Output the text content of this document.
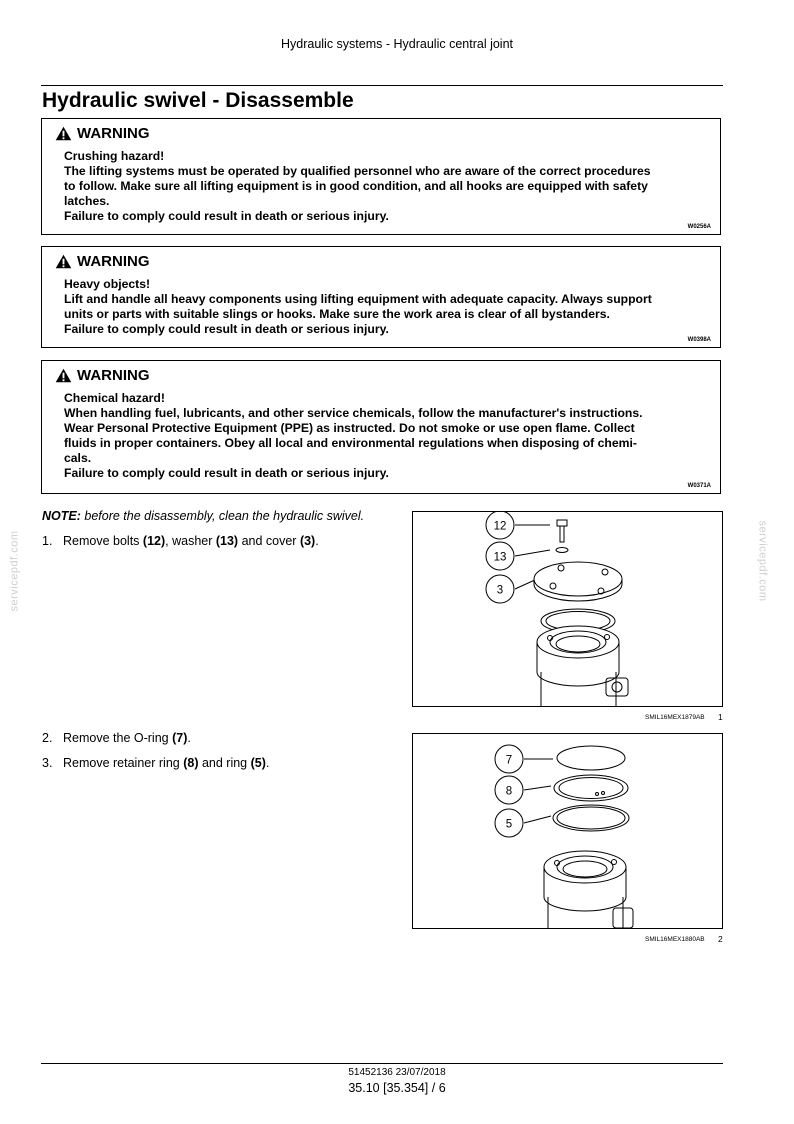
Hydraulic systems - Hydraulic central joint
Hydraulic swivel - Disassemble
WARNING

Crushing hazard!

The lifting systems must be operated by qualified personnel who are aware of the correct procedures

to follow. Make sure all lifting equipment is in good condition, and all hooks are equipped with safety

latches.

Failure to comply could result in death or serious injury.

W0256A
WARNING

Heavy objects!

Lift and handle all heavy components using lifting equipment with adequate capacity. Always support

units or parts with suitable slings or hooks. Make sure the work area is clear of all bystanders.

Failure to comply could result in death or serious injury.

W0398A
WARNING

Chemical hazard!

When handling fuel, lubricants, and other service chemicals, follow the manufacturer's instructions.

Wear Personal Protective Equipment (PPE) as instructed. Do not smoke or use open flame. Collect

fluids in proper containers. Obey all local and environmental regulations when disposing of chemi-

cals.

Failure to comply could result in death or serious injury.

W0371A
NOTE: before the disassembly, clean the hydraulic swivel.
1. Remove bolts (12), washer (13) and cover (3).
2. Remove the O-ring (7).
3. Remove retainer ring (8) and ring (5).
12
13
3
SMIL16MEX1879AB 1
7
8
5
SMIL16MEX1880AB 2
servicepdf.com	servicepdf.com
51452136 23/07/2018
35.10 [35.354] / 6
